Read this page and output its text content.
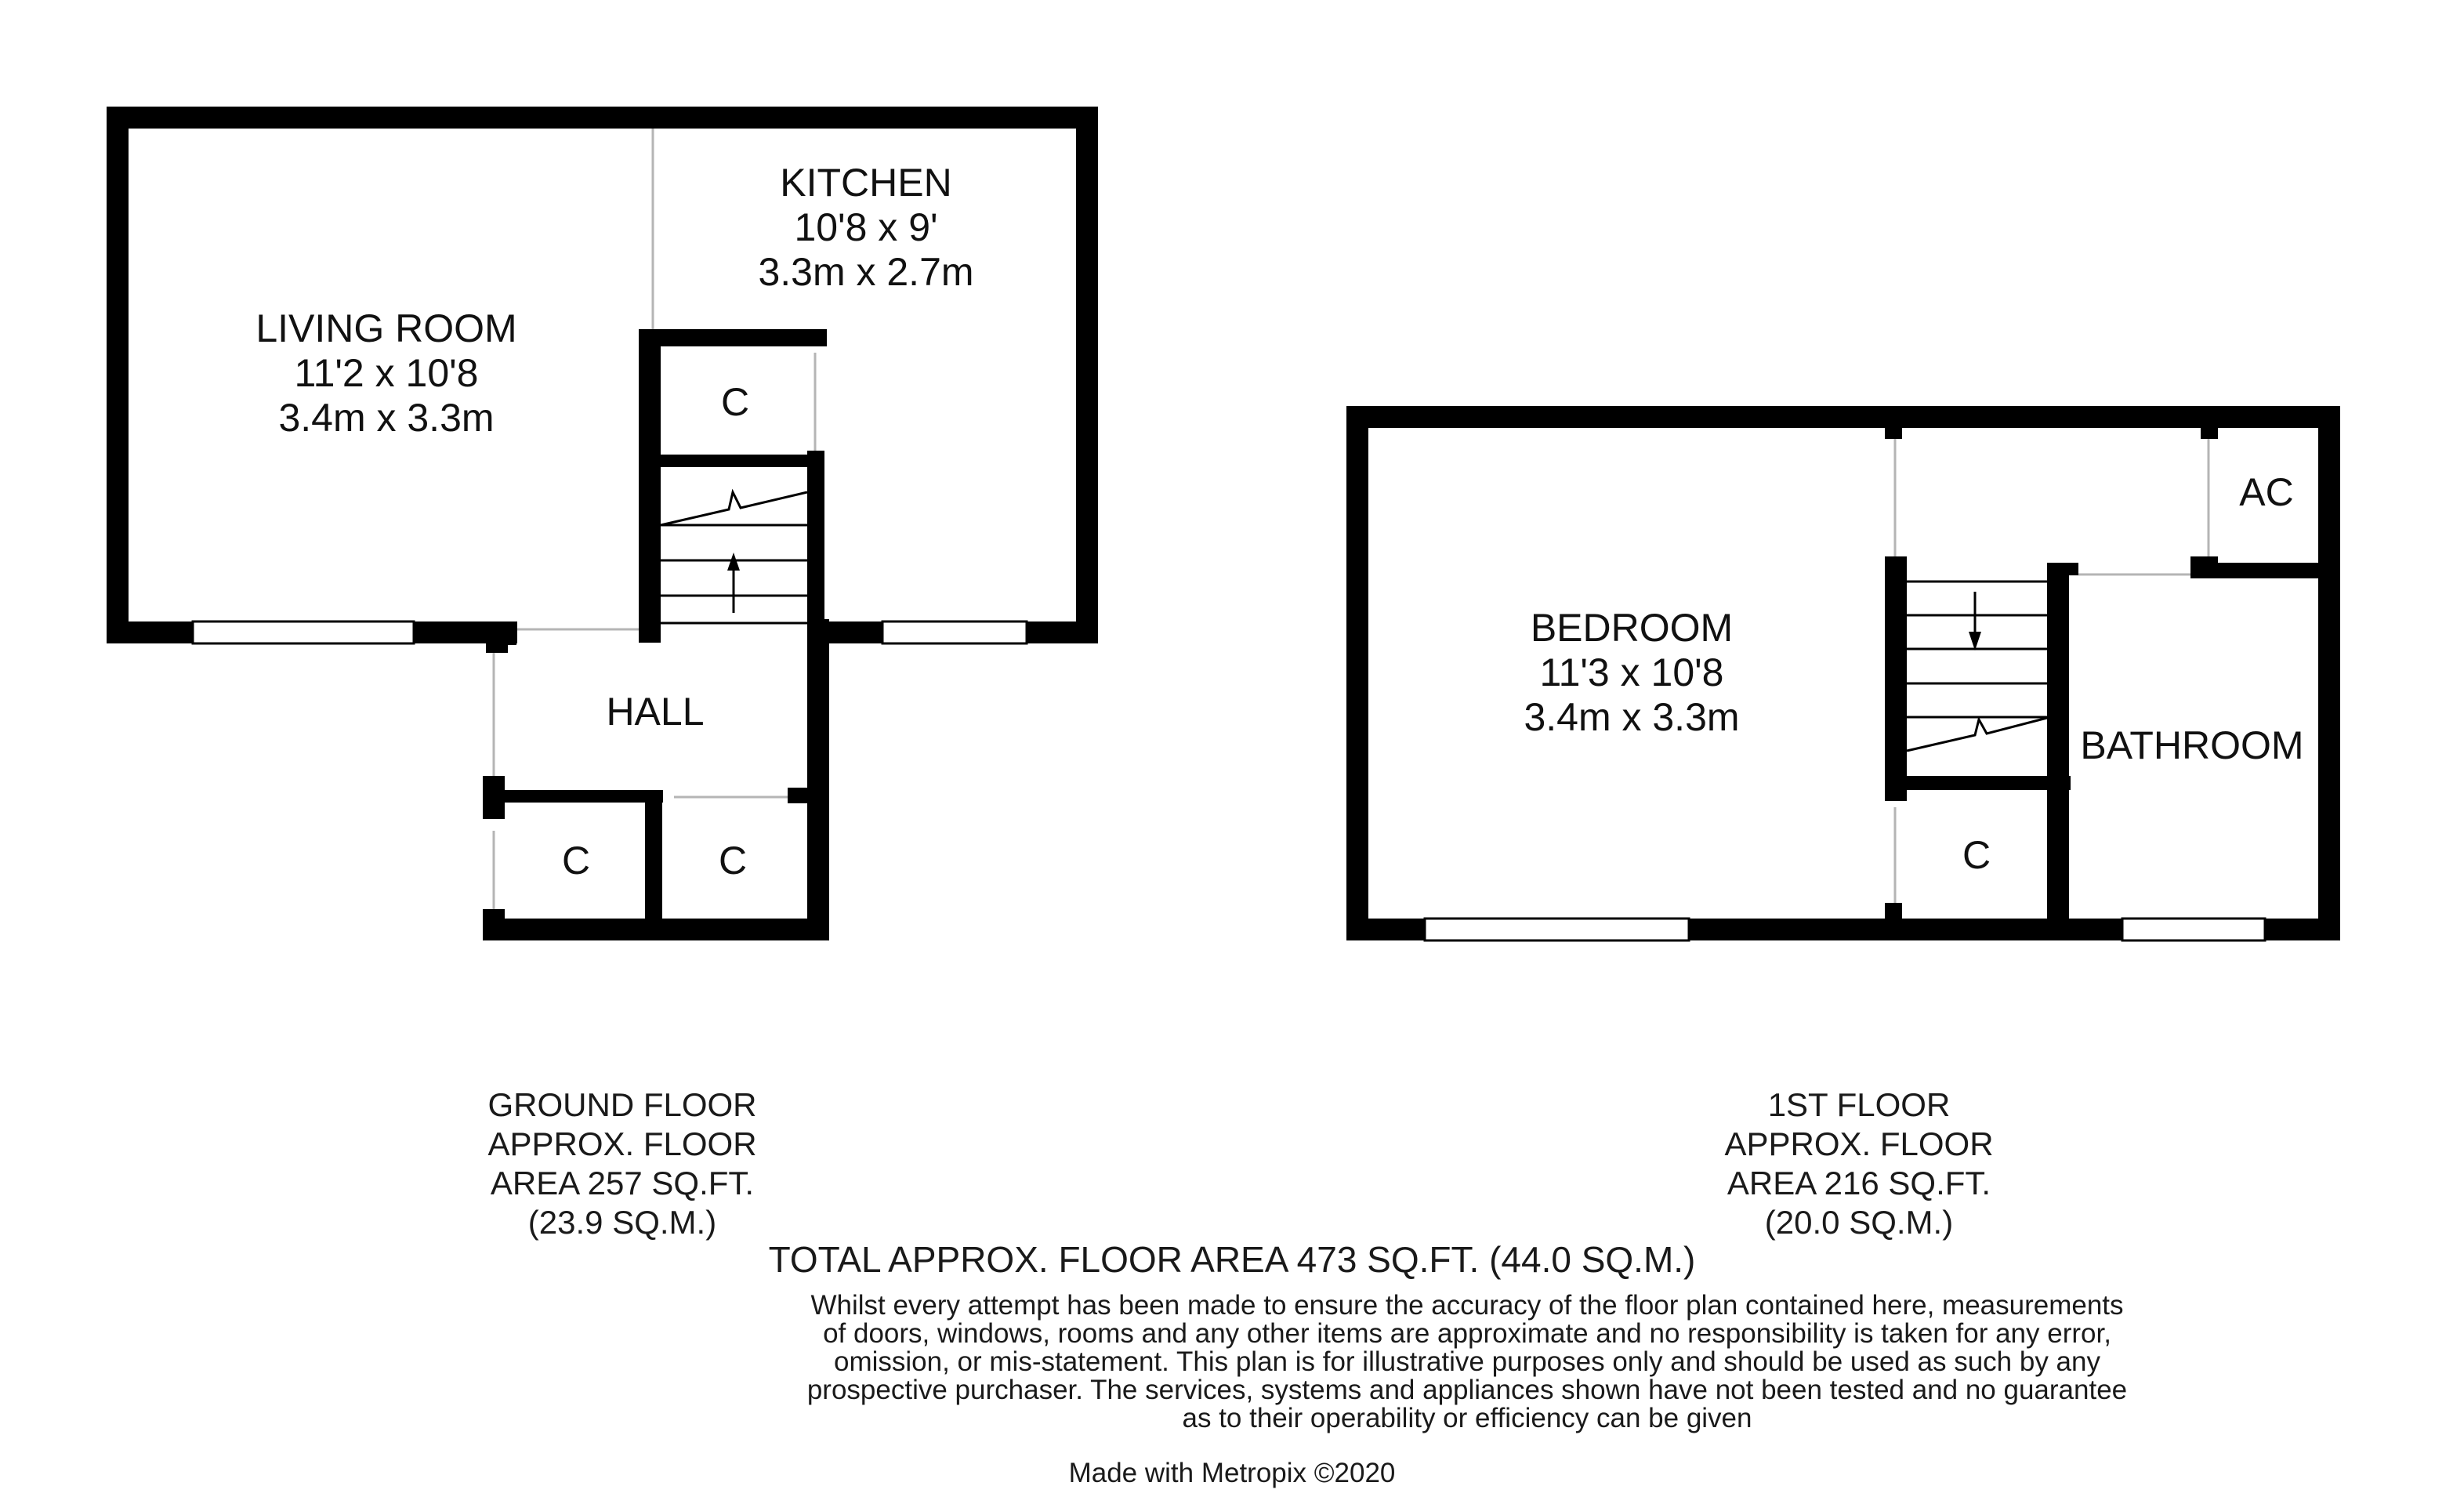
LIVING ROOM
11'2 x 10'8
3.4m x 3.3m
KITCHEN
10'8 x 9'
3.3m x 2.7m
HALL
C
C	C
BEDROOM
11'3 x 10'8
3.4m x 3.3m
BATHROOM
AC
C
GROUND FLOOR
APPROX. FLOOR
AREA 257 SQ.FT.
(23.9 SQ.M.)
1ST FLOOR
APPROX. FLOOR
AREA 216 SQ.FT.
(20.0 SQ.M.)
TOTAL APPROX. FLOOR AREA 473 SQ.FT. (44.0 SQ.M.)
Whilst every attempt has been made to ensure the accuracy of the floor plan contained here, measurements
of doors, windows, rooms and any other items are approximate and no responsibility is taken for any error,
omission, or mis-statement. This plan is for illustrative purposes only and should be used as such by any
prospective purchaser. The services, systems and appliances shown have not been tested and no guarantee
as to their operability or efficiency can be given
Made with Metropix ©2020
